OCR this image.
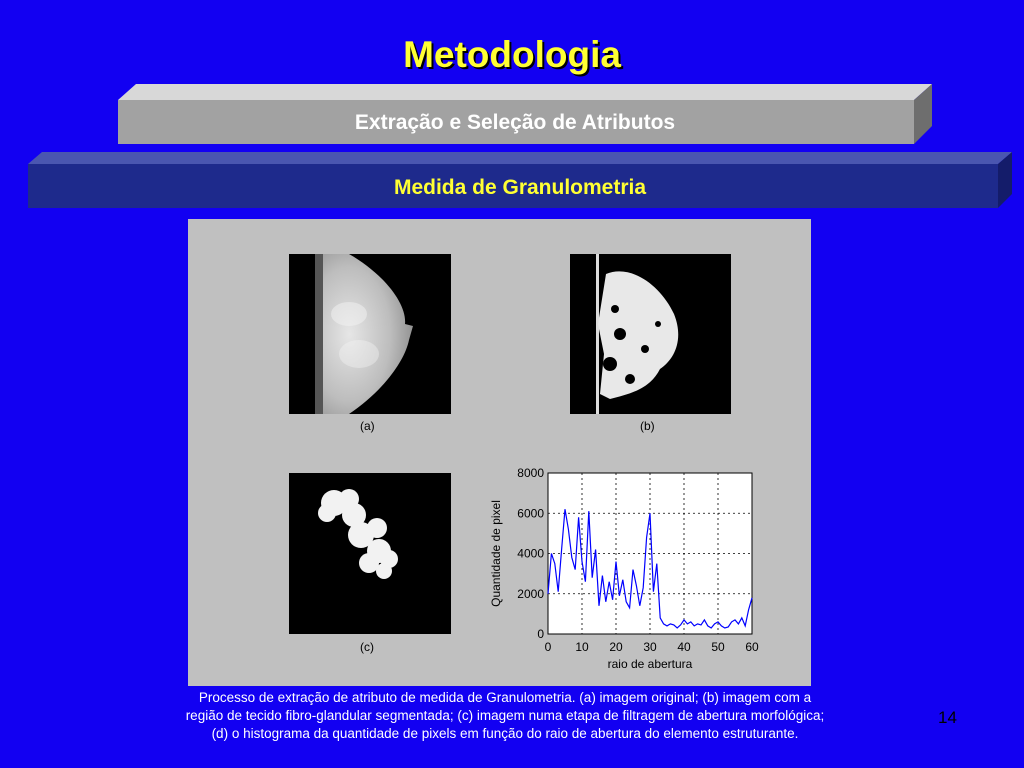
Metodologia
Extração e Seleção de Atributos
Medida de Granulometria
(a)	(b)
(c)	0 10 20 30 40 50 60
0
2000
4000
6000
8000
raio de abertura
Quantidade de pixel
Processo de extração de atributo de medida de Granulometria. (a) imagem original; (b) imagem com a
região de tecido fibro-glandular segmentada; (c) imagem numa etapa de filtragem de abertura morfológica;
(d) o histograma da quantidade de pixels em função do raio de abertura do elemento estruturante.
14
